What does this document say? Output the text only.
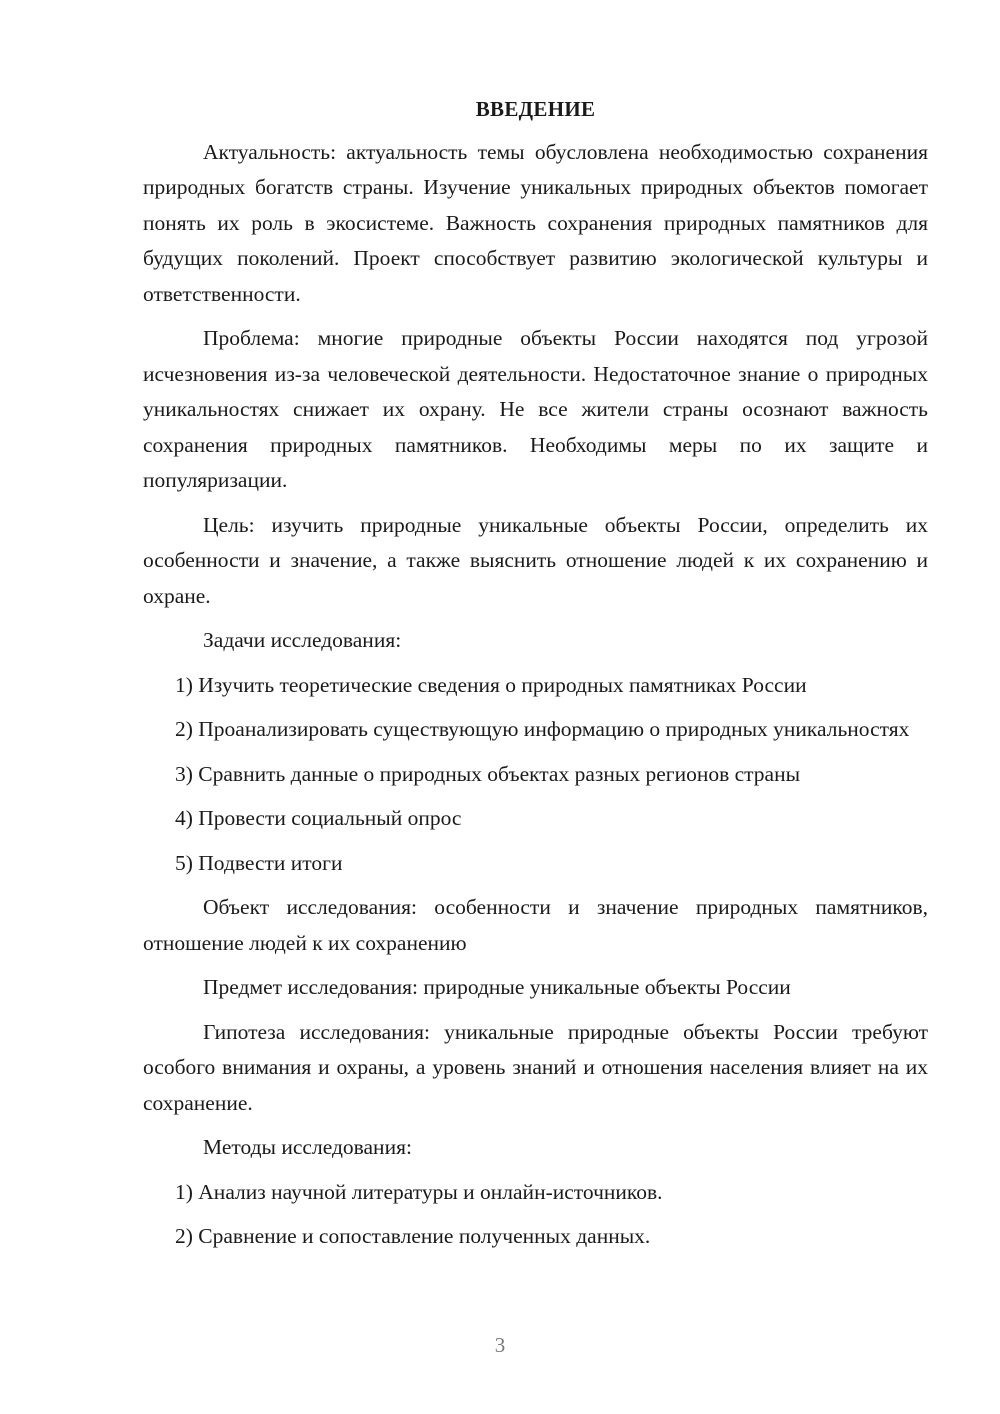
ВВЕДЕНИЕ

Актуальность: актуальность темы обусловлена необходимостью сохранения природных богатств страны. Изучение уникальных природных объектов помогает понять их роль в экосистеме. Важность сохранения природных памятников для будущих поколений. Проект способствует развитию экологической культуры и ответственности.

Проблема: многие природные объекты России находятся под угрозой исчезновения из-за человеческой деятельности. Недостаточное знание о природных уникальностях снижает их охрану. Не все жители страны осознают важность сохранения природных памятников. Необходимы меры по их защите и популяризации.

Цель: изучить природные уникальные объекты России, определить их особенности и значение, а также выяснить отношение людей к их сохранению и охране.

Задачи исследования:

1) Изучить теоретические сведения о природных памятниках России

2) Проанализировать существующую информацию о природных уникальностях

3) Сравнить данные о природных объектах разных регионов страны

4) Провести социальный опрос

5) Подвести итоги

Объект исследования: особенности и значение природных памятников, отношение людей к их сохранению

Предмет исследования: природные уникальные объекты России

Гипотеза исследования: уникальные природные объекты России требуют особого внимания и охраны, а уровень знаний и отношения населения влияет на их сохранение.

Методы исследования:

1) Анализ научной литературы и онлайн-источников.

2) Сравнение и сопоставление полученных данных.

3
